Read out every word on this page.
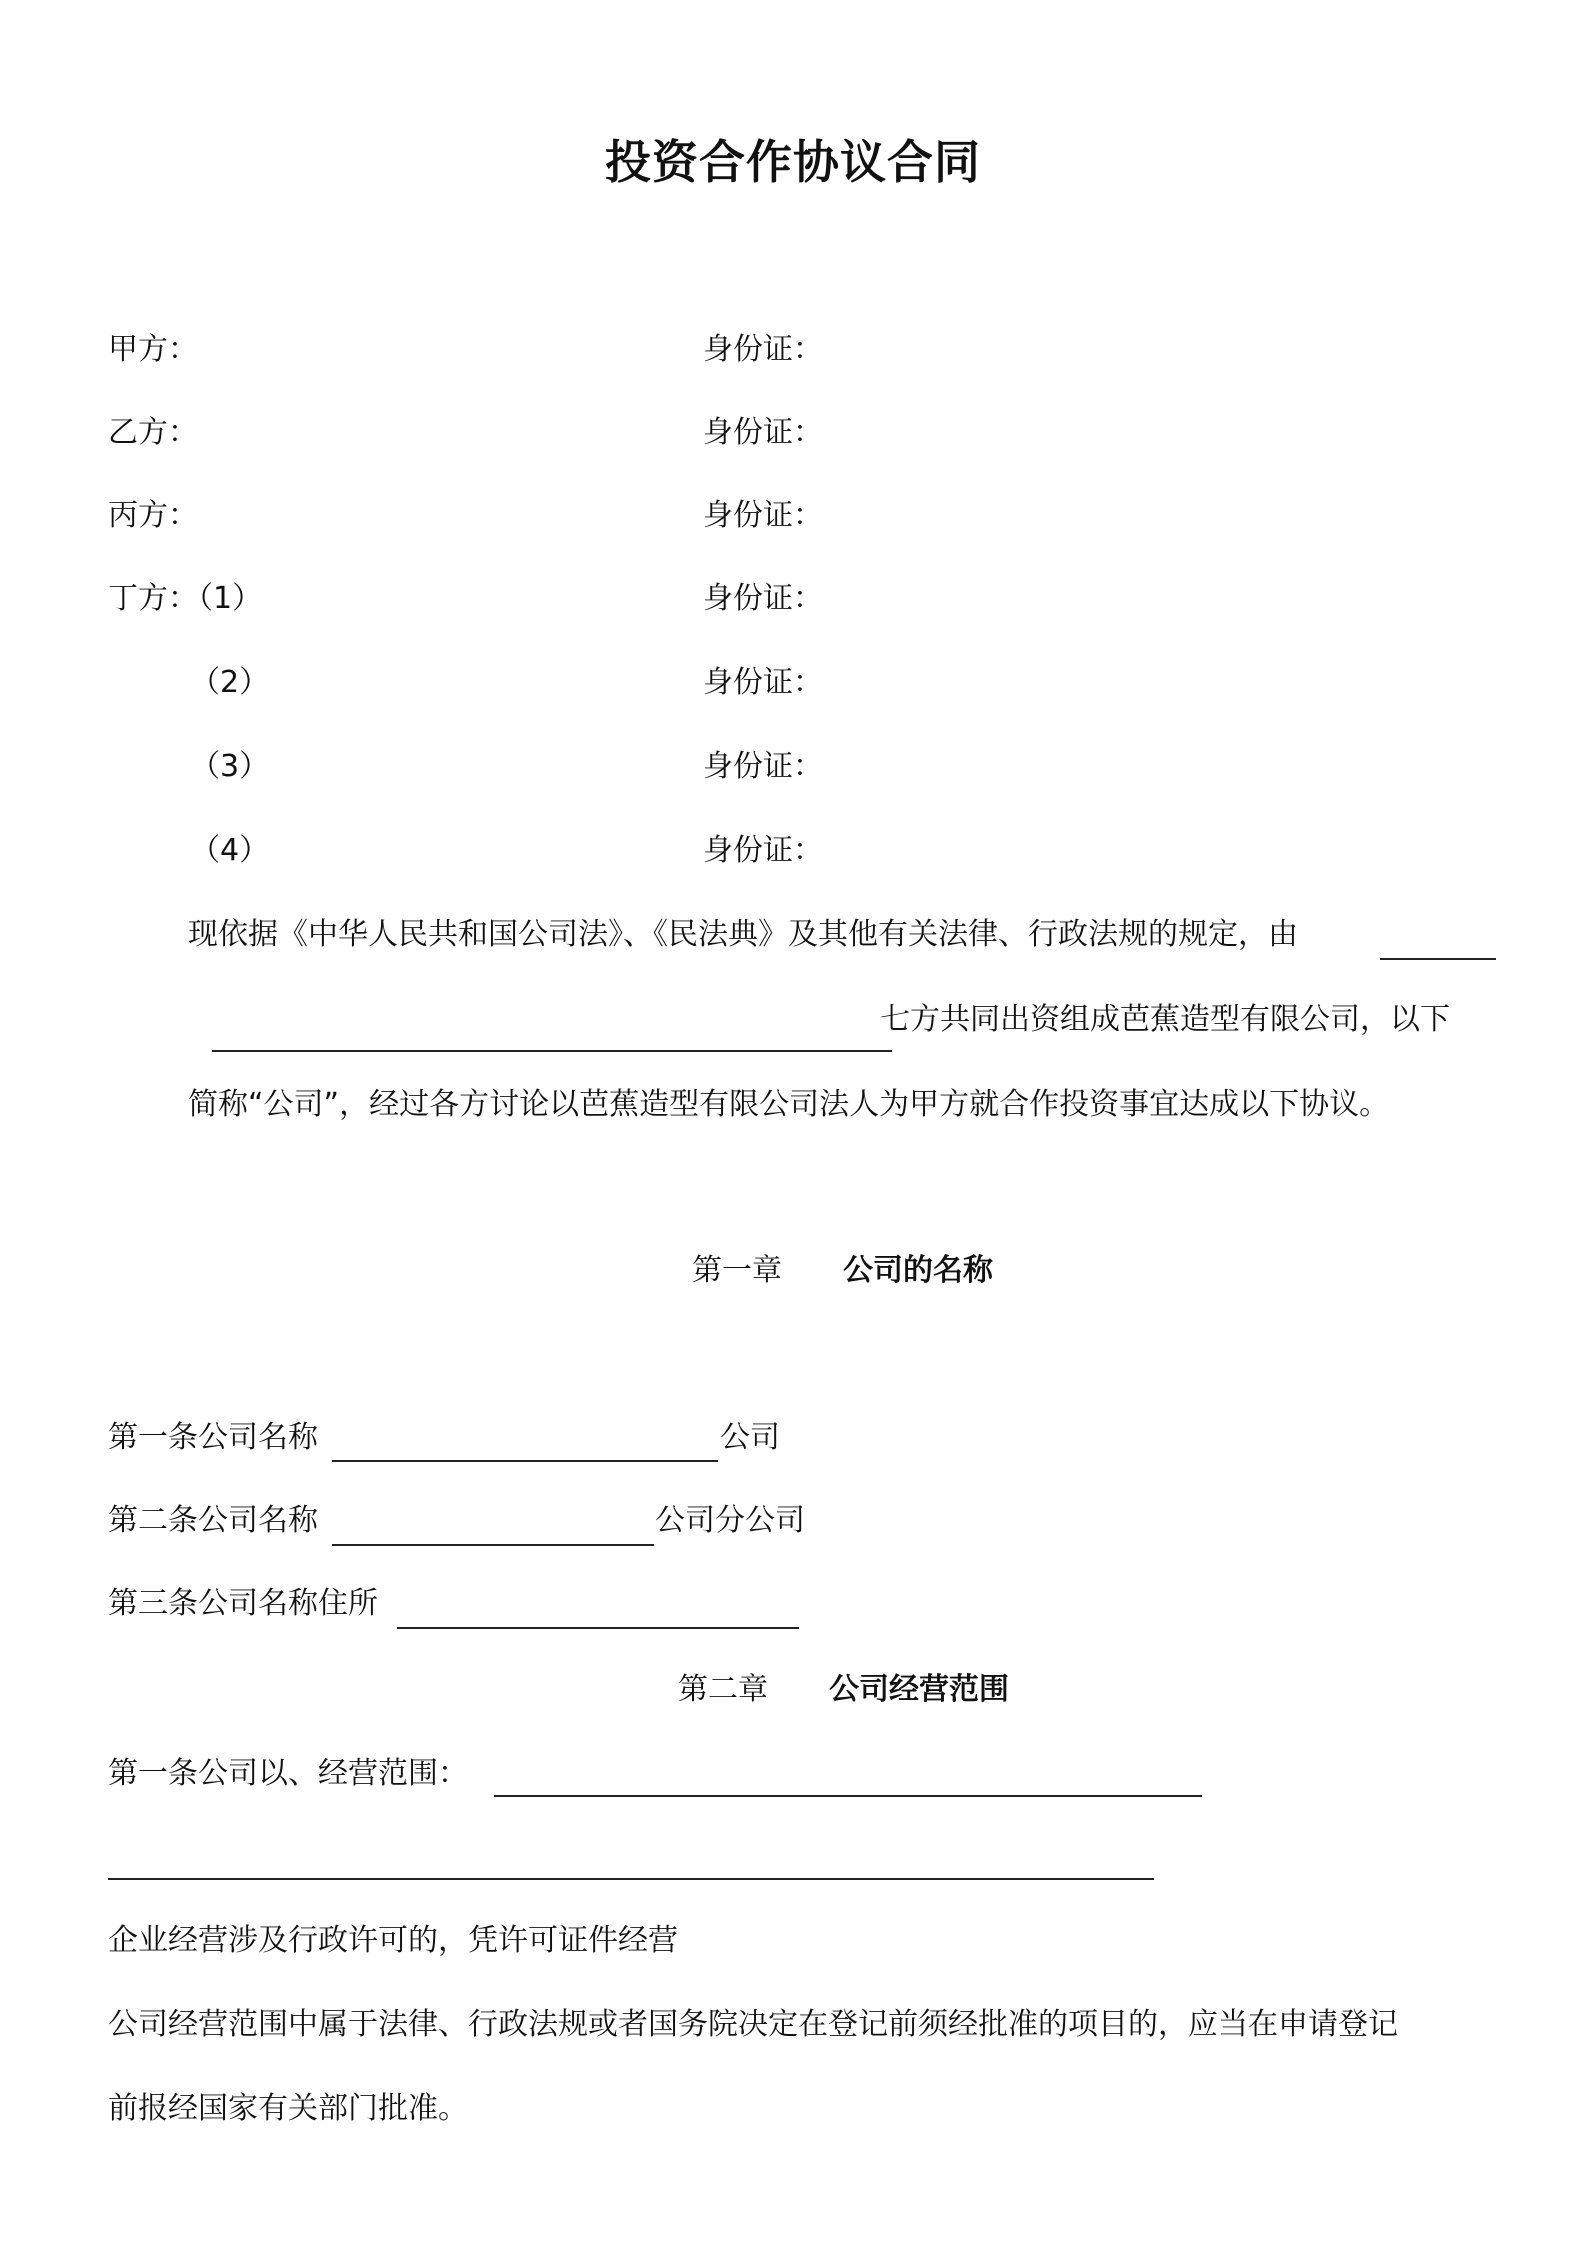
投资合作协议合同
甲方：	身份证：
乙方：	身份证：
丙方：	身份证：
丁方：（1）	身份证：
（2）	身份证：
（3）	身份证：
（4）	身份证：
现依据《中华人民共和国公司法》、《民法典》及其他有关法律、行政法规的规定，由
七方共同出资组成芭蕉造型有限公司，以下
简称“公司”，经过各方讨论以芭蕉造型有限公司法人为甲方就合作投资事宜达成以下协议。
第一章 公司的名称
第一条公司名称	公司
第二条公司名称	公司分公司
第三条公司名称住所
第二章 公司经营范围
第一条公司以、经营范围：
企业经营涉及行政许可的，凭许可证件经营
公司经营范围中属于法律、行政法规或者国务院决定在登记前须经批准的项目的，应当在申请登记
前报经国家有关部门批准。
